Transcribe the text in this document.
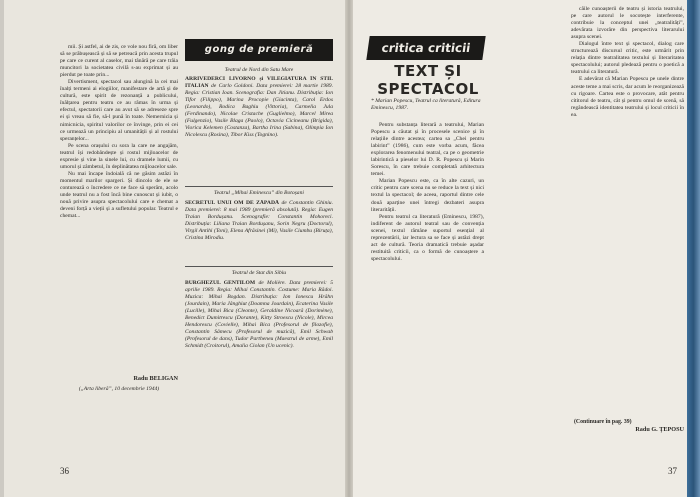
mii. Și astfel, ai de zis, ce vole nou firă, om liber să se prăbușească și să se petreacă prin acesta trupul pe care ce curent al caselor, mai tânără pe care trăia muncitori la societatea civilă s-au exprimat și au pierdut pe toate prin...

Divertisment, spectacol sau alungină la cei mai înalți termeni ai elogiilor, manifestare de artă și de cultură, este spirit de rezonanță a publicului, înălțarea pentru teatru ce au rămas în urma și efectul, spectatorii care au avut să se adreseze spre ei și vreau să fie, să-l pună în toate. Nemernicia și nimicnicia, spiritul valorilor ce învinge, prin ei cei ce urmează un principiu al umanității și al rostului speranțelor...

Pe scena orașului cu sora la care ne angajăm, teatrul își redobândește și rostul mijloacelor de expresie și vine la sinele lui, cu dramele lumii, cu umorul și zâmbetul, în deplinătatea mijloacelor sale.

Nu mai încape îndoială că ne găsim astăzi în momentul marilor spargeri. Și dincolo de ele se conturează o încredere ce ne face să sperăm, acolo unde teatrul nu a fost încă bine cunoscut și iubit, o nouă privire asupra spectacolului care e chemat a deveni forță a vieții și a sufletului popular. Teatrul e chemat...

Radu BELIGAN
(„Arta liberă”, 10 decembrie 1944)
gong de premieră
Teatrul de Nord din Satu Mare
ARRIVEDERCI LIVORNO și VILEGIATURA ÎN STIL ITALIAN de Carlo Goldoni. Data premierei: 28 martie 1989. Regia: Cristian Ioan. Scenografia: Dan Jitianu. Distribuția: Ion Tifor (Filippo), Marina Procopie (Giacinta), Carol Erdos (Leonardo), Rodica Baghiu (Vittoria), Carmelia Jula (Ferdinando), Nicolae Cristache (Guglielmo), Marcel Mirea (Fulgenzio), Vasile Blaga (Paolo), Octavia Cicineanu (Brigida), Viorica Kelemen (Costanza), Bartha Irina (Sabina), Olimpia Ion Nicolescu (Rosina), Tibor Kiss (Tognino).
Teatrul „Mihai Eminescu” din Botoșani
SECRETUL UNUI OM DE ZĂPADĂ de Constantin Ghiniu. Data premierei: 8 mai 1989 (premieră absolută). Regia: Eugen Traian Bordușanu. Scenografie: Constantin Mohoreci. Distribuția: Liliana Traian Bordușanu, Sorin Negru (Doctorul), Virgil Antihi (Toni), Elena Afrăsinei (Mi), Vasile Ciumbu (Biruța), Cristina Mirodiu.
Teatrul de Stat din Sibiu
BURGHEZUL GENTILOM de Molière. Data premierei: 5 aprilie 1989. Regia: Mihai Constantin. Costume: Maria Rădoi. Muzica: Mihai Bogdan. Distribuția: Ion Ionescu Hrăhn (Jourdain), Maria Jânghiut (Doamna Jourdain), Ecaterina Vasile (Lucille), Mihai Bica (Cleonte), Geraldine Nicoară (Dorimène), Benedict Dumitrescu (Dorante), Kitty Stroescu (Nicole), Mircea Hendorescu (Covielle), Mihai Bica (Profesorul de filozofie), Constantin Sâmecu (Profesorul de muzică), Emil Schwab (Profesorul de dans), Tudor Partheneu (Maestrul de arme), Emil Schmidt (Croitorul), Amalia Ciolan (Un ucenic).
36
critica criticii
TEXT ȘI SPECTACOL
* Marian Popescu, Teatrul ca literatură, Editura Eminescu, 1987.

Pentru substanța literară a teatrului, Marian Popescu a căutat și în procesele scenice și în relațiile dintre acestea; cartea sa „Chei pentru labirint” (1986), cum este vorba acum, făcea explorarea fenomenului teatral, ca pe o geometrie labirintică a pieselor lui D. R. Popescu și Marin Sorescu, în care trebuie completată arhitectura temei.

Marian Popescu este, ca în alte cazuri, un critic pentru care scena nu se reduce la text și nici textul la spectacol; de aceea, raportul dintre cele două aparține unei întregi dezbateri asupra literarității.

Pentru teatrul ca literatură (Eminescu, 1987), indiferent de autorul teatral sau de convenția scenei, textul rămâne suportul esențial al reprezentării, iar lectura sa se face și astăzi drept act de cultură. Teoria dramatică trebuie așadar restituită criticii, ca o formă de cunoaștere a spectacolului.

căile cunoașterii de teatru și istoria teatrului, pe care autorul le socotește interferente, contribuie la conceptul unei „teatralități”, adevărata izvorâre din perspectiva literarului asupra scenei.

Dialogul între text și spectacol, dialog care structurează discursul critic, este urmărit prin relația dintre teatralitatea textului și literaritatea spectacolului; autorul pledează pentru o poetică a teatrului ca literatură.

E adevărat că Marian Popescu pe unele dintre aceste teme a mai scris, dar acum le reorganizează cu rigoare. Cartea este o provocare, atât pentru cititorul de teatru, cât și pentru omul de scenă, să regândească identitatea teatrului și locul criticii în ea.

(Continuare în pag. 39)
Radu G. ȚEPOSU
37
